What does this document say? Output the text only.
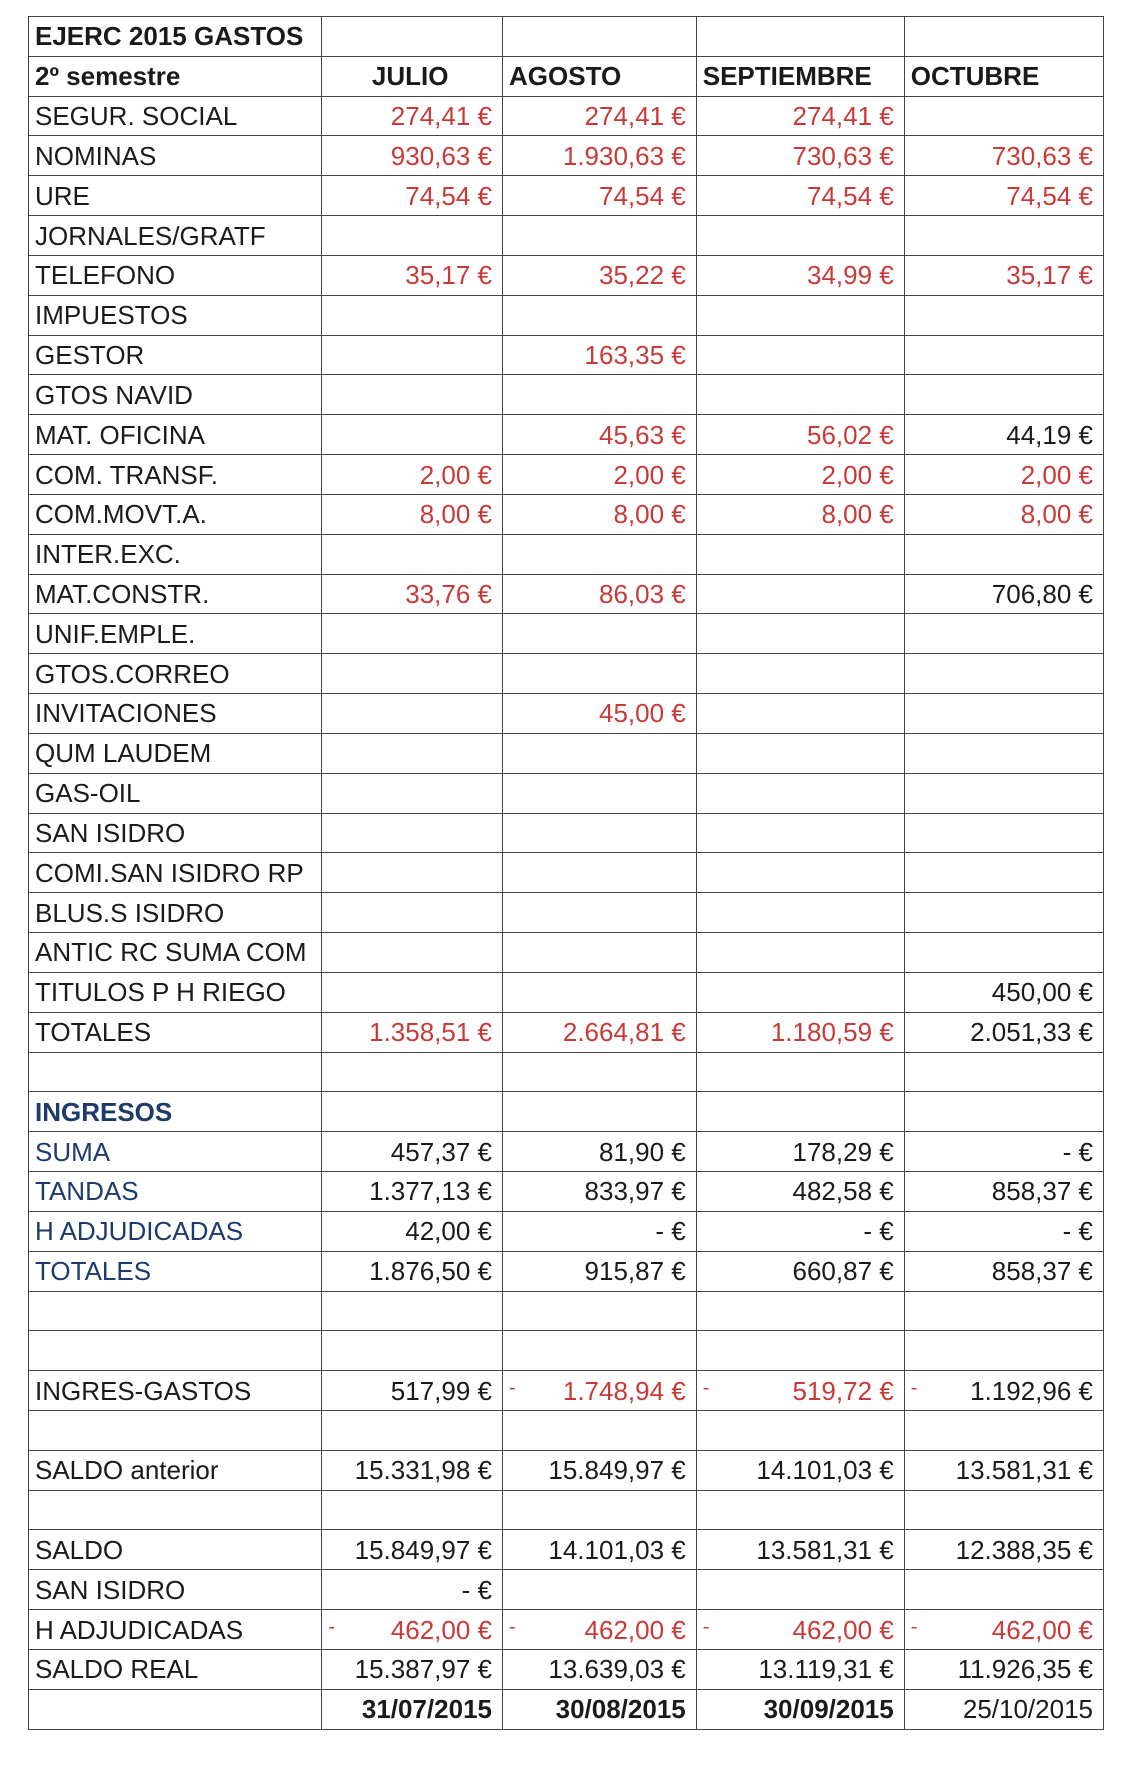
EJERC 2015 GASTOS				
2º semestre	JULIO	AGOSTO	SEPTIEMBRE	OCTUBRE
SEGUR. SOCIAL	274,41 €	274,41 €	274,41 €	
NOMINAS	930,63 €	1.930,63 €	730,63 €	730,63 €
URE	74,54 €	74,54 €	74,54 €	74,54 €
JORNALES/GRATF				
TELEFONO	35,17 €	35,22 €	34,99 €	35,17 €
IMPUESTOS				
GESTOR		163,35 €		
GTOS NAVID				
MAT. OFICINA		45,63 €	56,02 €	44,19 €
COM. TRANSF.	2,00 €	2,00 €	2,00 €	2,00 €
COM.MOVT.A.	8,00 €	8,00 €	8,00 €	8,00 €
INTER.EXC.				
MAT.CONSTR.	33,76 €	86,03 €		706,80 €
UNIF.EMPLE.				
GTOS.CORREO				
INVITACIONES		45,00 €		
QUM LAUDEM				
GAS-OIL				
SAN ISIDRO				
COMI.SAN ISIDRO RP				
BLUS.S ISIDRO				
ANTIC RC SUMA COM				
TITULOS P H RIEGO				450,00 €
TOTALES	1.358,51 €	2.664,81 €	1.180,59 €	2.051,33 €

INGRESOS				
SUMA	457,37 €	81,90 €	178,29 €	- €
TANDAS	1.377,13 €	833,97 €	482,58 €	858,37 €
H ADJUDICADAS	42,00 €	- €	- €	- €
TOTALES	1.876,50 €	915,87 €	660,87 €	858,37 €

INGRES-GASTOS	517,99 €	- 1.748,94 €	- 519,72 €	- 1.192,96 €

SALDO anterior	15.331,98 €	15.849,97 €	14.101,03 €	13.581,31 €

SALDO	15.849,97 €	14.101,03 €	13.581,31 €	12.388,35 €
SAN ISIDRO	- €			
H ADJUDICADAS	- 462,00 €	- 462,00 €	- 462,00 €	- 462,00 €
SALDO REAL	15.387,97 €	13.639,03 €	13.119,31 €	11.926,35 €
	31/07/2015	30/08/2015	30/09/2015	25/10/2015
